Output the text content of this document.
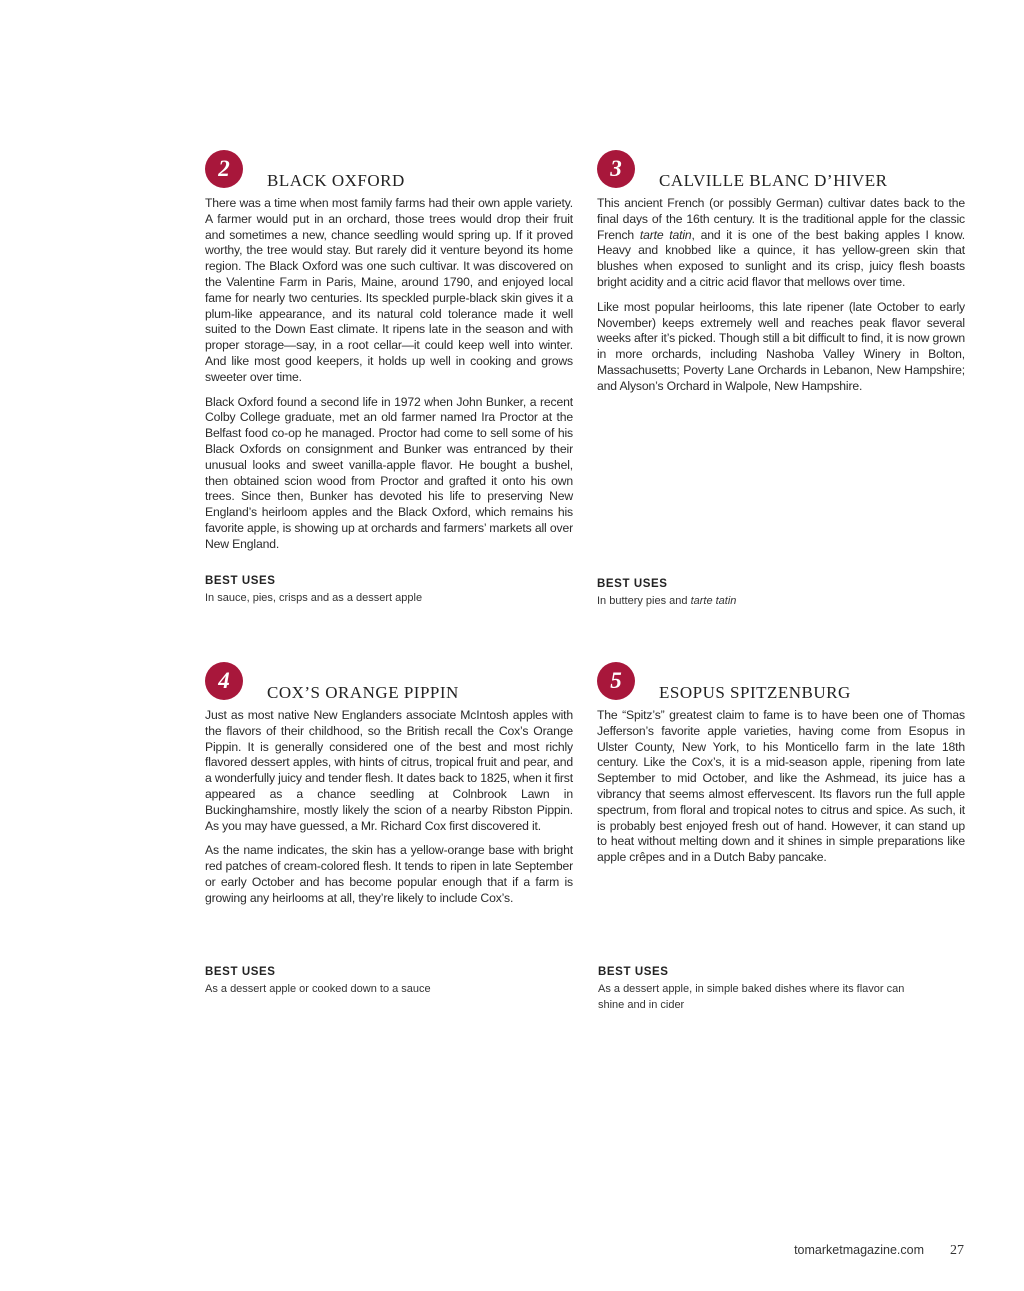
2	BLACK OXFORD

There was a time when most family farms had their own apple variety. A farmer would put in an orchard, those trees would drop their fruit and sometimes a new, chance seedling would spring up. If it proved worthy, the tree would stay. But rarely did it venture beyond its home region. The Black Oxford was one such cultivar. It was discovered on the Valentine Farm in Paris, Maine, around 1790, and enjoyed local fame for nearly two centuries. Its speckled purple-black skin gives it a plum-like appearance, and its natural cold tolerance made it well suited to the Down East climate. It ripens late in the season and with proper storage—say, in a root cellar—it could keep well into winter. And like most good keepers, it holds up well in cooking and grows sweeter over time.

Black Oxford found a second life in 1972 when John Bunker, a recent Colby College graduate, met an old farmer named Ira Proctor at the Belfast food co-op he managed. Proctor had come to sell some of his Black Oxfords on consignment and Bunker was entranced by their unusual looks and sweet vanilla-apple flavor. He bought a bushel, then obtained scion wood from Proctor and grafted it onto his own trees. Since then, Bunker has devoted his life to preserving New England’s heirloom apples and the Black Oxford, which remains his favorite apple, is showing up at orchards and farmers’ markets all over New England.

BEST USES
In sauce, pies, crisps and as a dessert apple
3	CALVILLE BLANC D’HIVER

This ancient French (or possibly German) cultivar dates back to the final days of the 16th century. It is the traditional apple for the classic French tarte tatin, and it is one of the best baking apples I know. Heavy and knobbed like a quince, it has yellow-green skin that blushes when exposed to sunlight and its crisp, juicy flesh boasts bright acidity and a citric acid flavor that mellows over time.

Like most popular heirlooms, this late ripener (late October to early November) keeps extremely well and reaches peak flavor several weeks after it’s picked. Though still a bit difficult to find, it is now grown in more orchards, including Nashoba Valley Winery in Bolton, Massachusetts; Poverty Lane Orchards in Lebanon, New Hampshire; and Alyson’s Orchard in Walpole, New Hampshire.

BEST USES
In buttery pies and tarte tatin
4	COX’S ORANGE PIPPIN

Just as most native New Englanders associate McIntosh apples with the flavors of their childhood, so the British recall the Cox’s Orange Pippin. It is generally considered one of the best and most richly flavored dessert apples, with hints of citrus, tropical fruit and pear, and a wonderfully juicy and tender flesh. It dates back to 1825, when it first appeared as a chance seedling at Colnbrook Lawn in Buckinghamshire, mostly likely the scion of a nearby Ribston Pippin. As you may have guessed, a Mr. Richard Cox first discovered it.

As the name indicates, the skin has a yellow-orange base with bright red patches of cream-colored flesh. It tends to ripen in late September or early October and has become popular enough that if a farm is growing any heirlooms at all, they’re likely to include Cox’s.

BEST USES
As a dessert apple or cooked down to a sauce
5	ESOPUS SPITZENBURG

The “Spitz’s” greatest claim to fame is to have been one of Thomas Jefferson’s favorite apple varieties, having come from Esopus in Ulster County, New York, to his Monticello farm in the late 18th century. Like the Cox’s, it is a mid-season apple, ripening from late September to mid October, and like the Ashmead, its juice has a vibrancy that seems almost effervescent. Its flavors run the full apple spectrum, from floral and tropical notes to citrus and spice. As such, it is probably best enjoyed fresh out of hand. However, it can stand up to heat without melting down and it shines in simple preparations like apple crêpes and in a Dutch Baby pancake.

BEST USES
As a dessert apple, in simple baked dishes where its flavor can shine and in cider
tomarketmagazine.com 27
